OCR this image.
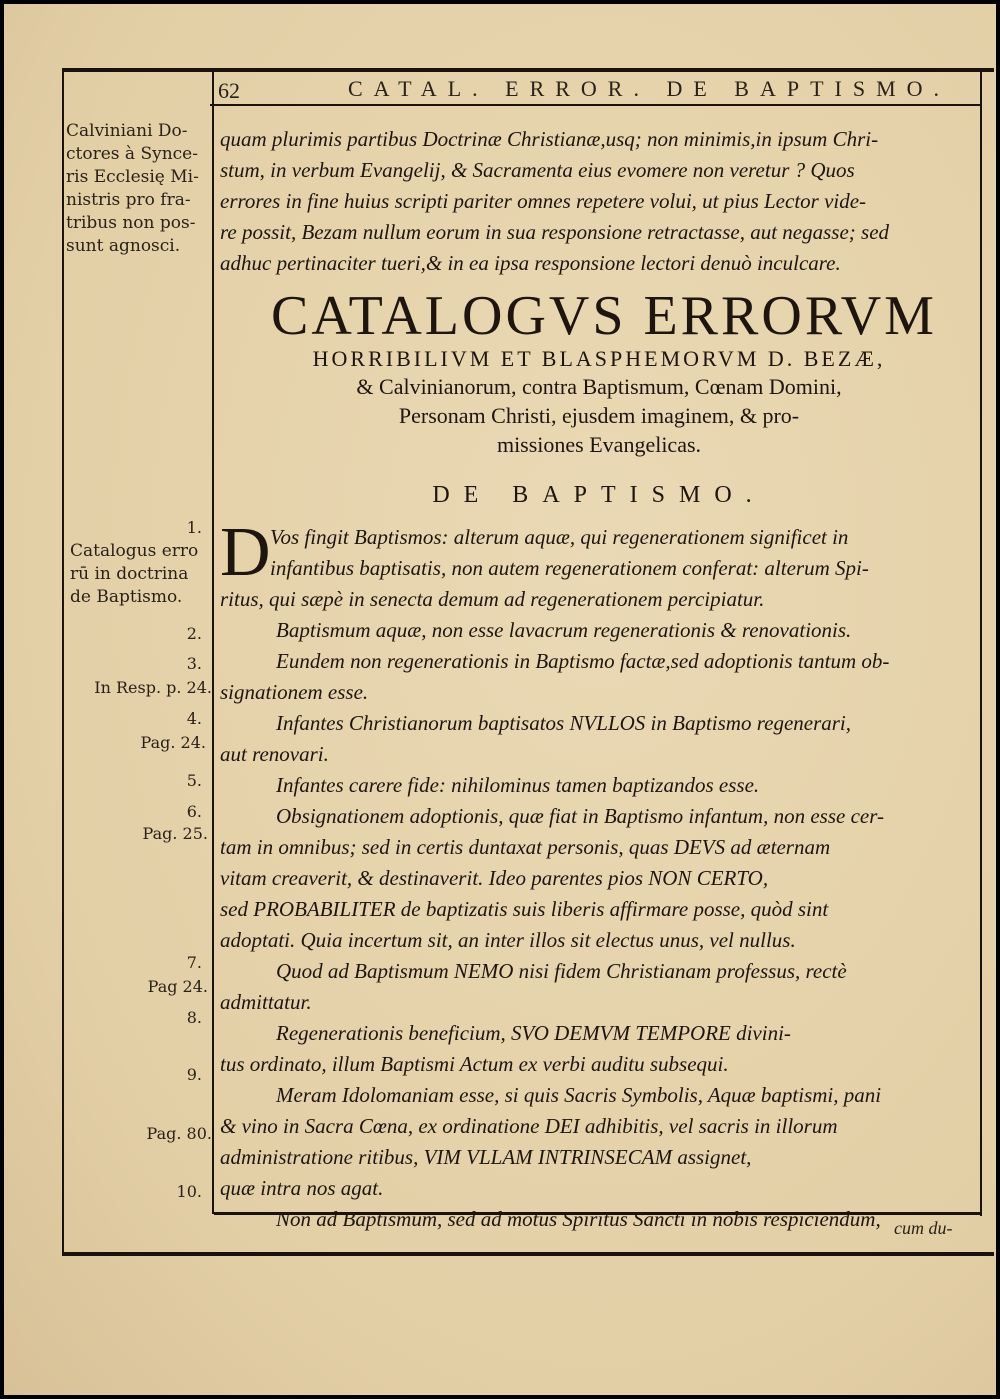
62	CATAL. ERROR. DE BAPTISMO.
Calviniani Do-
ctores à Synce-
ris Ecclesię Mi-
nistris pro fra-
tribus non pos-
sunt agnosci.
Catalogus erro
rū in doctrina
de Baptismo.
1.
2.
3.
In Resp. p. 24.
4.
Pag. 24.
5.
6.
Pag. 25.
7.
Pag 24.
8.
9.
Pag. 80.
10.
quam plurimis partibus Doctrinæ Christianæ,usq; non minimis,in ipsum Chri-
stum, in verbum Evangelij, & Sacramenta eius evomere non veretur ? Quos
errores in fine huius scripti pariter omnes repetere volui, ut pius Lector vide-
re possit, Bezam nullum eorum in sua responsione retractasse, aut negasse; sed
adhuc pertinaciter tueri,& in ea ipsa responsione lectori denuò inculcare.
CATALOGVS ERRORVM
HORRIBILIVM ET BLASPHEMORVM D. BEZÆ,
& Calvinianorum, contra Baptismum, Cœnam Domini,
Personam Christi, ejusdem imaginem, & pro-
missiones Evangelicas.
DE BAPTISMO.
D Vos fingit Baptismos: alterum aquæ, qui regenerationem significet in
infantibus baptisatis, non autem regenerationem conferat: alterum Spi-
ritus, qui sæpè in senecta demum ad regenerationem percipiatur.
Baptismum aquæ, non esse lavacrum regenerationis & renovationis.
Eundem non regenerationis in Baptismo factæ,sed adoptionis tantum ob-
signationem esse.
Infantes Christianorum baptisatos NVLLOS in Baptismo regenerari,
aut renovari.
Infantes carere fide: nihilominus tamen baptizandos esse.
Obsignationem adoptionis, quæ fiat in Baptismo infantum, non esse cer-
tam in omnibus; sed in certis duntaxat personis, quas DEVS ad æternam
vitam creaverit, & destinaverit. Ideo parentes pios NON CERTO,
sed PROBABILITER de baptizatis suis liberis affirmare posse, quòd sint
adoptati. Quia incertum sit, an inter illos sit electus unus, vel nullus.
Quod ad Baptismum NEMO nisi fidem Christianam professus, rectè
admittatur.
Regenerationis beneficium, SVO DEMVM TEMPORE divini-
tus ordinato, illum Baptismi Actum ex verbi auditu subsequi.
Meram Idolomaniam esse, si quis Sacris Symbolis, Aquæ baptismi, pani
& vino in Sacra Cœna, ex ordinatione DEI adhibitis, vel sacris in illorum
administratione ritibus, VIM VLLAM INTRINSECAM assignet,
quæ intra nos agat.
Non ad Baptismum, sed ad motus Spiritus Sancti in nobis respiciendum, cum du-
